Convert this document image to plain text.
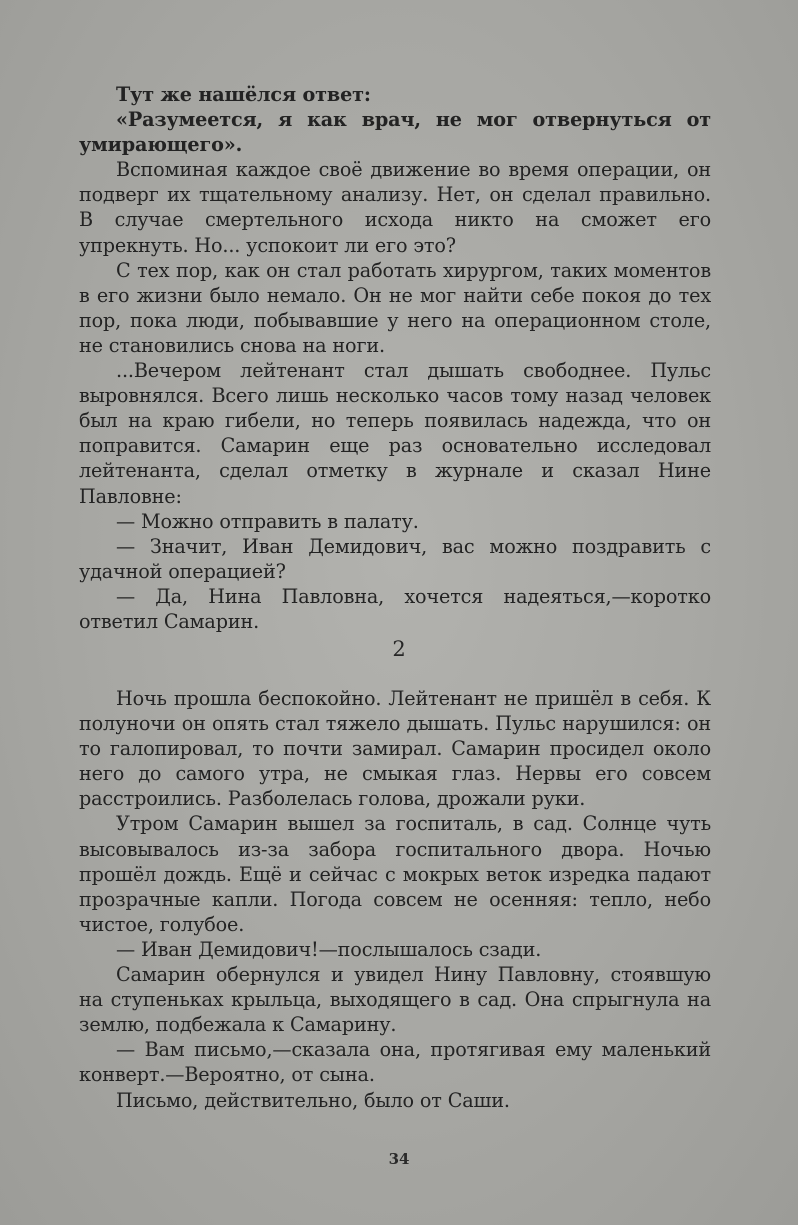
Тут же нашёлся ответ:

«Разумеется, я как врач, не мог отвернуться от умирающего».

Вспоминая каждое своё движение во время операции, он подверг их тщательному анализу. Нет, он сделал правильно. В случае смертельного исхода никто на сможет его упрекнуть. Но... успокоит ли его это?

С тех пор, как он стал работать хирургом, таких моментов в его жизни было немало. Он не мог найти себе покоя до тех пор, пока люди, побывавшие у него на операционном столе, не становились снова на ноги.

...Вечером лейтенант стал дышать свободнее. Пульс выровнялся. Всего лишь несколько часов тому назад человек был на краю гибели, но теперь появилась надежда, что он поправится. Самарин еще раз основательно исследовал лейтенанта, сделал отметку в журнале и сказал Нине Павловне:

— Можно отправить в палату.

— Значит, Иван Демидович, вас можно поздравить с удачной операцией?

— Да, Нина Павловна, хочется надеяться,—коротко ответил Самарин.

2

Ночь прошла беспокойно. Лейтенант не пришёл в себя. К полуночи он опять стал тяжело дышать. Пульс нарушился: он то галопировал, то почти замирал. Самарин просидел около него до самого утра, не смыкая глаз. Нервы его совсем расстроились. Разболелась голова, дрожали руки.

Утром Самарин вышел за госпиталь, в сад. Солнце чуть высовывалось из-за забора госпитального двора. Ночью прошёл дождь. Ещё и сейчас с мокрых веток изредка падают прозрачные капли. Погода совсем не осенняя: тепло, небо чистое, голубое.

— Иван Демидович!—послышалось сзади.

Самарин обернулся и увидел Нину Павловну, стоявшую на ступеньках крыльца, выходящего в сад. Она спрыгнула на землю, подбежала к Самарину.

— Вам письмо,—сказала она, протягивая ему маленький конверт.—Вероятно, от сына.

Письмо, действительно, было от Саши.

34
